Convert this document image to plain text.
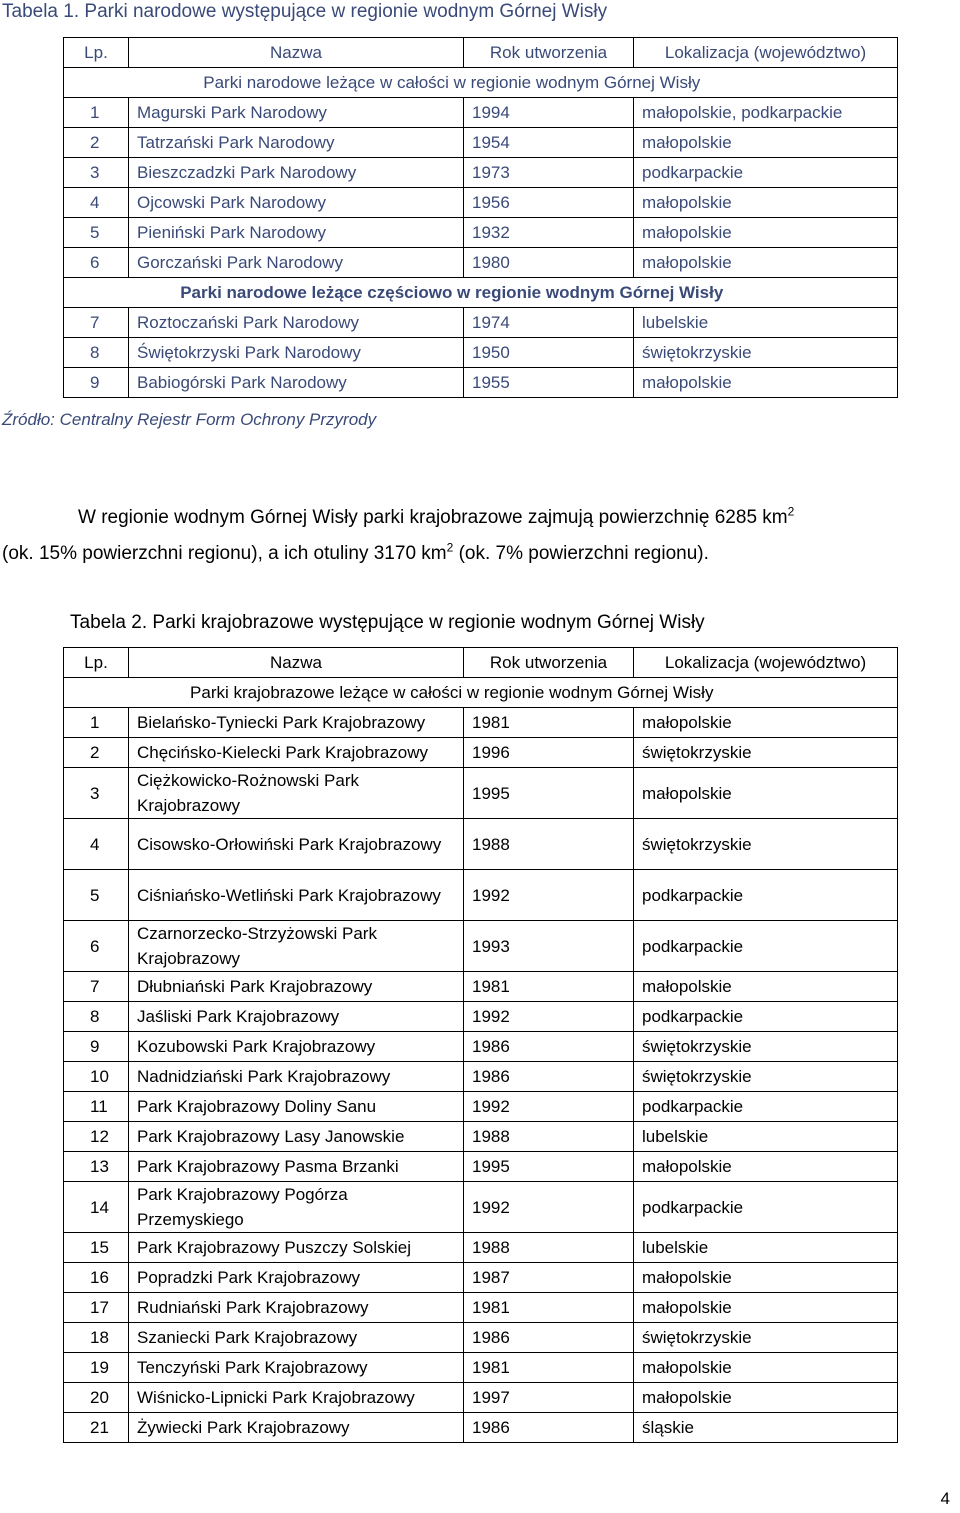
Tabela 1. Parki narodowe występujące w regionie wodnym Górnej Wisły
Lp.	Nazwa	Rok utworzenia	Lokalizacja (województwo)
	Parki narodowe leżące w całości w regionie wodnym Górnej Wisły		
1	Magurski Park Narodowy	1994	małopolskie, podkarpackie
2	Tatrzański Park Narodowy	1954	małopolskie
3	Bieszczadzki Park Narodowy	1973	podkarpackie
4	Ojcowski Park Narodowy	1956	małopolskie
5	Pieniński Park Narodowy	1932	małopolskie
6	Gorczański Park Narodowy	1980	małopolskie
	Parki narodowe leżące częściowo w regionie wodnym Górnej Wisły		
7	Roztoczański Park Narodowy	1974	lubelskie
8	Świętokrzyski Park Narodowy	1950	świętokrzyskie
9	Babiogórski Park Narodowy	1955	małopolskie
Źródło: Centralny Rejestr Form Ochrony Przyrody
W regionie wodnym Górnej Wisły parki krajobrazowe zajmują powierzchnię 6285 $km^2$
(ok. 15% powierzchni regionu), a ich otuliny 3170 $km^2$ (ok. 7% powierzchni regionu).
Tabela 2. Parki krajobrazowe występujące w regionie wodnym Górnej Wisły
Lp.	Nazwa	Rok utworzenia	Lokalizacja (województwo)
	Parki krajobrazowe leżące w całości w regionie wodnym Górnej Wisły		
1	Bielańsko-Tyniecki Park Krajobrazowy	1981	małopolskie
2	Chęcińsko-Kielecki Park Krajobrazowy	1996	świętokrzyskie
3	Ciężkowicko-Rożnowski Park Krajobrazowy	1995	małopolskie
4	Cisowsko-Orłowiński Park Krajobrazowy	1988	świętokrzyskie
5	Ciśniańsko-Wetliński Park Krajobrazowy	1992	podkarpackie
6	Czarnorzecko-Strzyżowski Park Krajobrazowy	1993	podkarpackie
7	Dłubniański Park Krajobrazowy	1981	małopolskie
8	Jaśliski Park Krajobrazowy	1992	podkarpackie
9	Kozubowski Park Krajobrazowy	1986	świętokrzyskie
10	Nadnidziański Park Krajobrazowy	1986	świętokrzyskie
11	Park Krajobrazowy Doliny Sanu	1992	podkarpackie
12	Park Krajobrazowy Lasy Janowskie	1988	lubelskie
13	Park Krajobrazowy Pasma Brzanki	1995	małopolskie
14	Park Krajobrazowy Pogórza Przemyskiego	1992	podkarpackie
15	Park Krajobrazowy Puszczy Solskiej	1988	lubelskie
16	Popradzki Park Krajobrazowy	1987	małopolskie
17	Rudniański Park Krajobrazowy	1981	małopolskie
18	Szaniecki Park Krajobrazowy	1986	świętokrzyskie
19	Tenczyński Park Krajobrazowy	1981	małopolskie
20	Wiśnicko-Lipnicki Park Krajobrazowy	1997	małopolskie
21	Żywiecki Park Krajobrazowy	1986	śląskie
4
